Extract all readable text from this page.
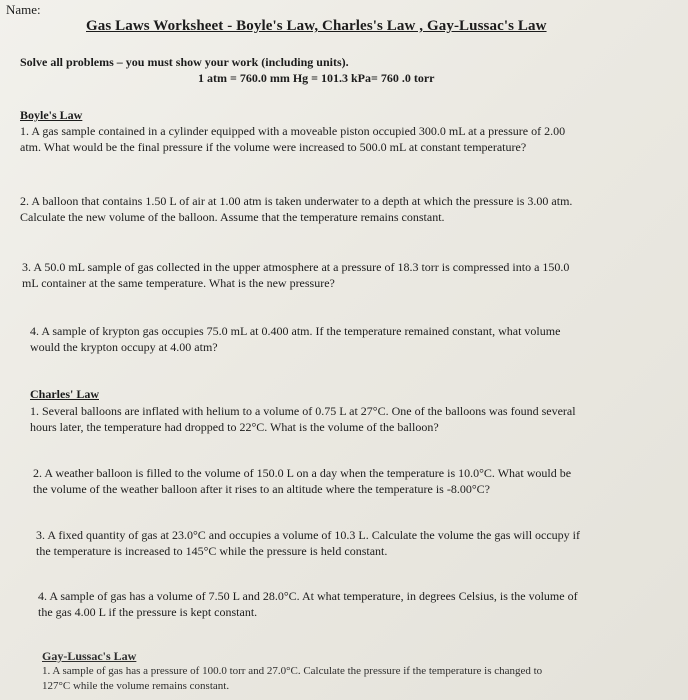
Name:
Gas Laws Worksheet - Boyle's Law, Charles's Law , Gay-Lussac's Law
Solve all problems – you must show your work (including units).
1 atm = 760.0 mm Hg = 101.3 kPa= 760 .0 torr
Boyle's Law
1. A gas sample contained in a cylinder equipped with a moveable piston occupied 300.0 mL at a pressure of 2.00
atm. What would be the final pressure if the volume were increased to 500.0 mL at constant temperature?
2. A balloon that contains 1.50 L of air at 1.00 atm is taken underwater to a depth at which the pressure is 3.00 atm.
Calculate the new volume of the balloon. Assume that the temperature remains constant.
3. A 50.0 mL sample of gas collected in the upper atmosphere at a pressure of 18.3 torr is compressed into a 150.0
mL container at the same temperature. What is the new pressure?
4. A sample of krypton gas occupies 75.0 mL at 0.400 atm. If the temperature remained constant, what volume
would the krypton occupy at 4.00 atm?
Charles' Law
1. Several balloons are inflated with helium to a volume of 0.75 L at 27°C. One of the balloons was found several
hours later, the temperature had dropped to 22°C. What is the volume of the balloon?
2. A weather balloon is filled to the volume of 150.0 L on a day when the temperature is 10.0°C. What would be
the volume of the weather balloon after it rises to an altitude where the temperature is -8.00°C?
3. A fixed quantity of gas at 23.0°C and occupies a volume of 10.3 L. Calculate the volume the gas will occupy if
the temperature is increased to 145°C while the pressure is held constant.
4. A sample of gas has a volume of 7.50 L and 28.0°C. At what temperature, in degrees Celsius, is the volume of
the gas 4.00 L if the pressure is kept constant.
Gay-Lussac's Law
1. A sample of gas has a pressure of 100.0 torr and 27.0°C. Calculate the pressure if the temperature is changed to
127°C while the volume remains constant.
